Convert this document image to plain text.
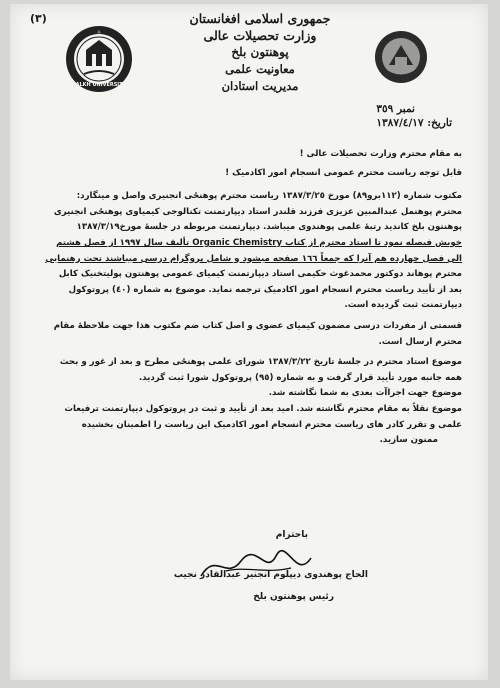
(٣)
BALKH UNIVERSITY
☼
جمهوری اسلامی افغانستان
وزارت تحصیلات عالی
پوهنتون بلخ
معاونیت علمی
مدیریت استادان
نمبر ٣٥٩
تاریخ: ١٣٨٧/٤/١٧

به مقام محترم وزارت تحصیلات عالی !

قابل توجه ریاست محترم عمومی انسجام امور اکادمیک !

مکتوب شماره (١١٢برو٨٩) مورخ ١٣٨٧/٣/٢٥ ریاست محترم پوهنځی انجنیری واصل و مینگارد:
محترم پوهنمل عبدالمبین عزیزی فرزند قلندر استاد دیپارتمنت تکنالوجی کیمیاوی پوهنځی انجنیری
پوهنتون بلخ کاندید رتبهٔ علمی پوهندوی میباشد. دیپارتمنت مربوطه در جلسهٔ مورخ١٣٨٧/٣/١٩
خویش فیصله نمود تا استاد محترم از کتاب Organic Chemistry تألیف سال ١٩٩٧ از فصل هشتم
الی فصل چهارده هم آنرا که جمعاً ١٦٦ صفحه میشود و شامل پروگرام درسی میباشند تحت رهنمایی
محترم پوهاند دوکتور محمدغوث حکیمی استاد دیپارتمنت کیمیای عمومی پوهنتون پولیتخنیک کابل
بعد از تأیید ریاست محترم انسجام امور اکادمیک ترجمه نماید. موضوع به شماره (٤٠) پروتوکول
دیپارتمنت ثبت گردیده است.
قسمتی از مفردات درسی مضمون کیمیای عضوی و اصل کتاب ضم مکتوب هذا جهت ملاحظهٔ مقام
محترم ارسال است.
موضوع استاد محترم در جلسهٔ تاریخ ١٣٨٧/٣/٢٢ شورای علمی پوهنځی مطرح و بعد از غور و بحث
همه جانبه مورد تأیید قرار گرفت و به شماره (٩٥) پروتوکول شورا ثبت گردید.
موضوع جهت اجراآت بعدی به شما نگاشته شد.
موضوع نقلاً به مقام محترم نگاشته شد. امید بعد از تأیید و ثبت در پروتوکول دیپارتمنت ترفیعات
علمی و تقرر کادر های ریاست محترم انسجام امور اکادمیک این ریاست را اطمینان بخشیده
ممنون سازید.
باحترام
الحاج پوهندوی دیپلوم انجنیر عبدالقادر نجیب
رئیس پوهنتون بلخ
